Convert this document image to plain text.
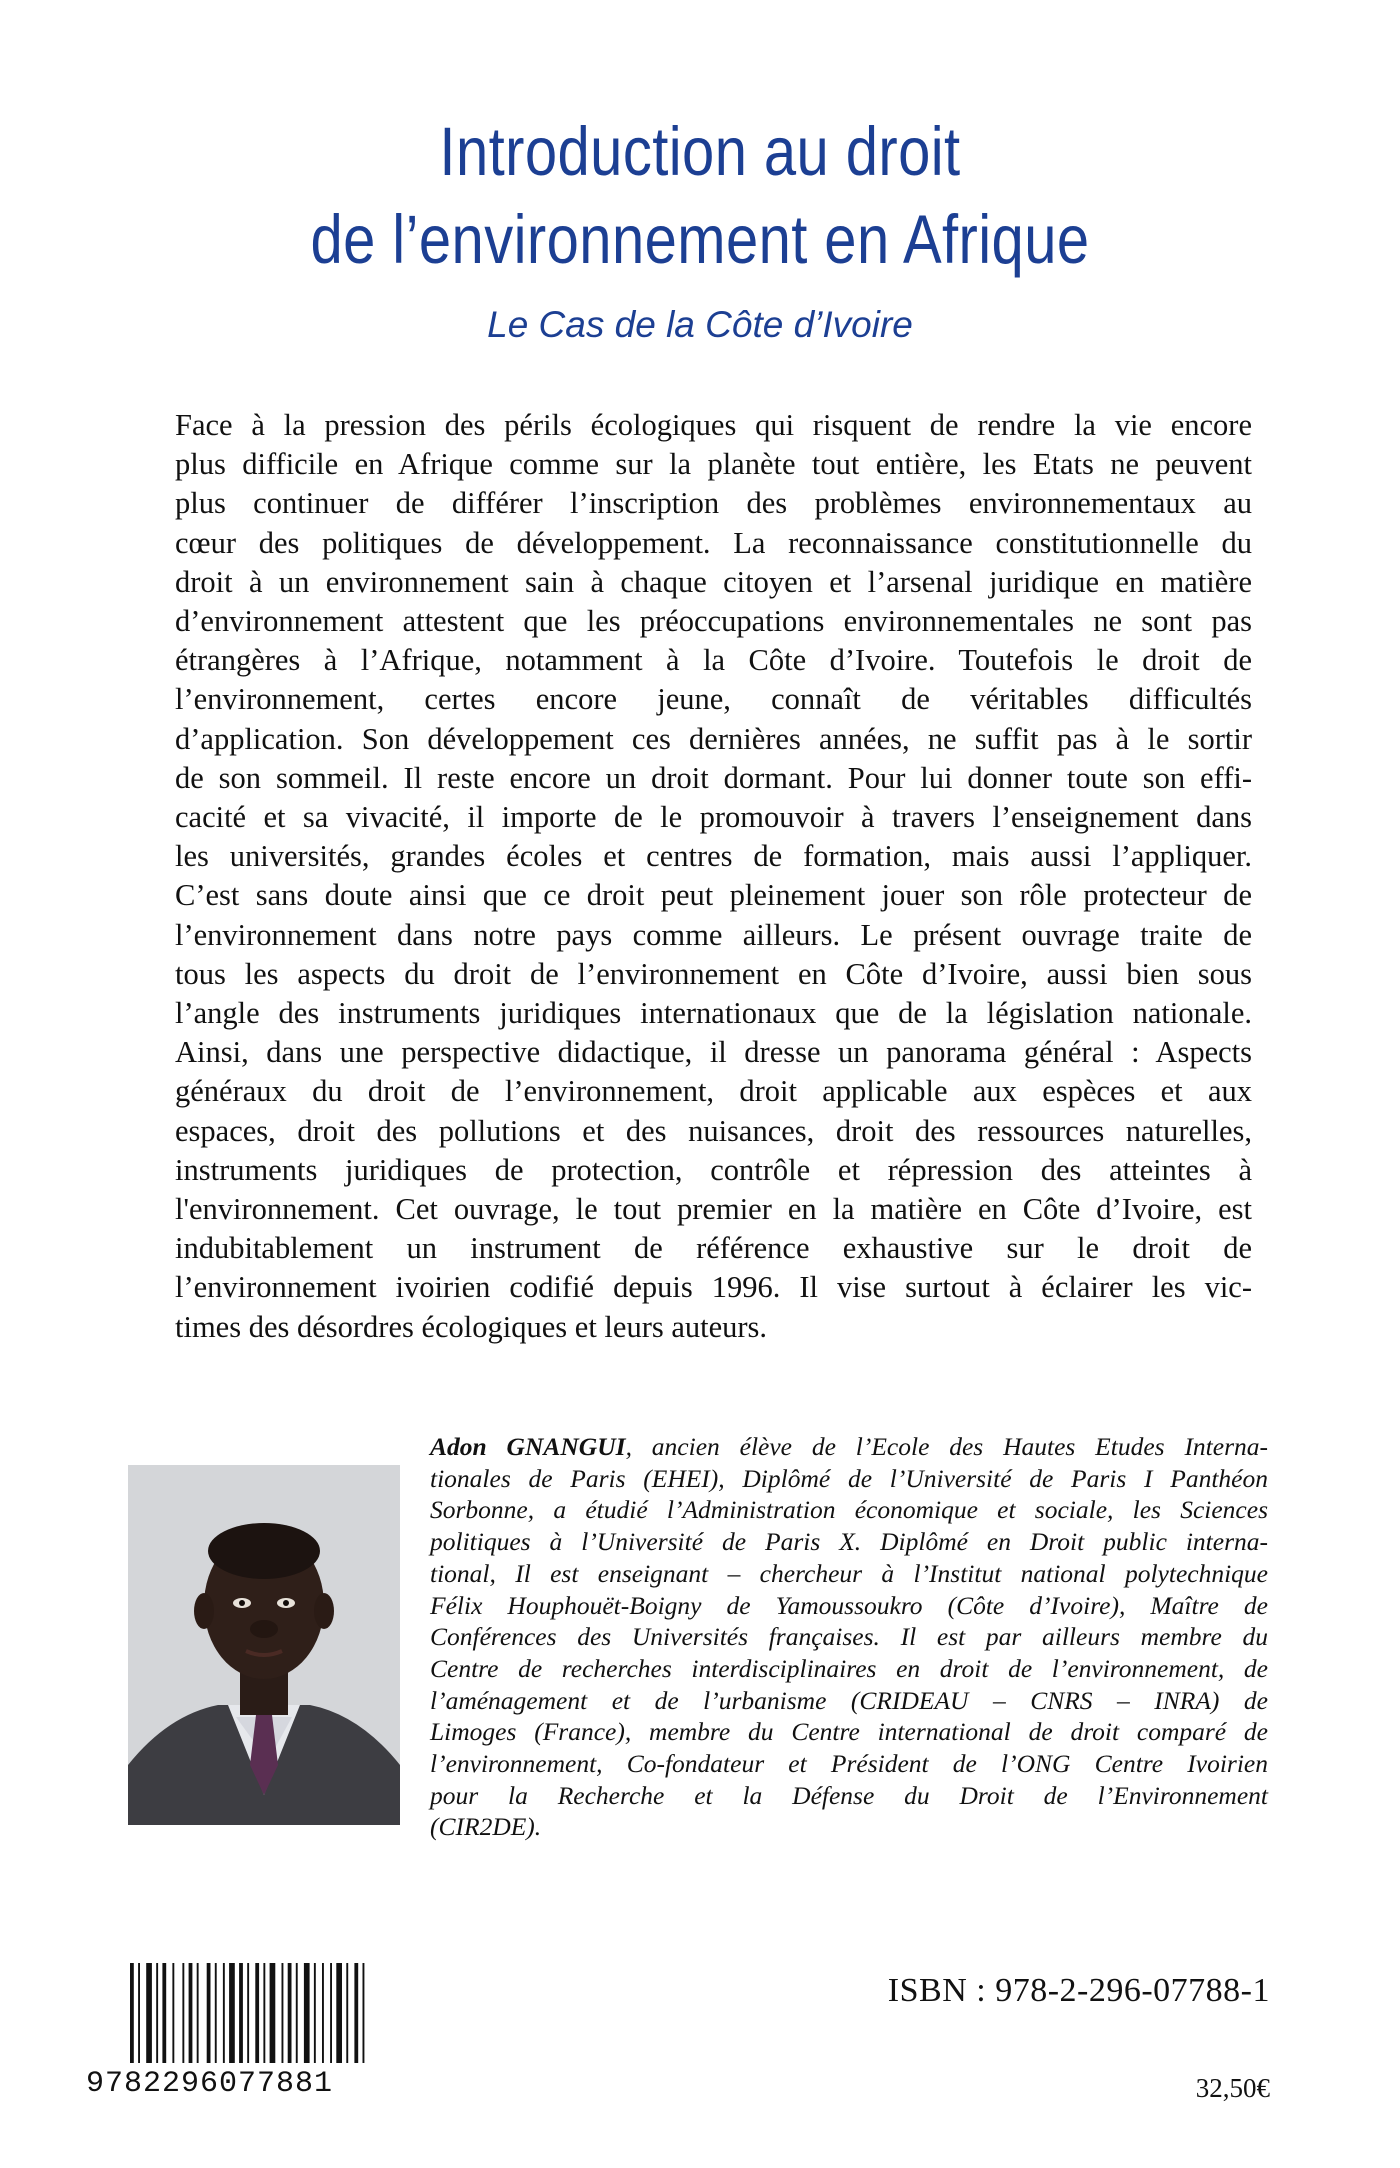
Introduction au droit
de l’environnement en Afrique

Le Cas de la Côte d’Ivoire

Face à la pression des périls écologiques qui risquent de rendre la vie encore
plus difficile en Afrique comme sur la planète tout entière, les Etats ne peuvent
plus continuer de différer l’inscription des problèmes environnementaux au
cœur des politiques de développement. La reconnaissance constitutionnelle du
droit à un environnement sain à chaque citoyen et l’arsenal juridique en matière
d’environnement attestent que les préoccupations environnementales ne sont pas
étrangères à l’Afrique, notamment à la Côte d’Ivoire. Toutefois le droit de
l’environnement, certes encore jeune, connaît de véritables difficultés
d’application. Son développement ces dernières années, ne suffit pas à le sortir
de son sommeil. Il reste encore un droit dormant. Pour lui donner toute son effi-
cacité et sa vivacité, il importe de le promouvoir à travers l’enseignement dans
les universités, grandes écoles et centres de formation, mais aussi l’appliquer.
C’est sans doute ainsi que ce droit peut pleinement jouer son rôle protecteur de
l’environnement dans notre pays comme ailleurs. Le présent ouvrage traite de
tous les aspects du droit de l’environnement en Côte d’Ivoire, aussi bien sous
l’angle des instruments juridiques internationaux que de la législation nationale.
Ainsi, dans une perspective didactique, il dresse un panorama général : Aspects
généraux du droit de l’environnement, droit applicable aux espèces et aux
espaces, droit des pollutions et des nuisances, droit des ressources naturelles,
instruments juridiques de protection, contrôle et répression des atteintes à
l'environnement. Cet ouvrage, le tout premier en la matière en Côte d’Ivoire, est
indubitablement un instrument de référence exhaustive sur le droit de
l’environnement ivoirien codifié depuis 1996. Il vise surtout à éclairer les vic-
times des désordres écologiques et leurs auteurs.
Adon GNANGUI, ancien élève de l’Ecole des Hautes Etudes Interna-
tionales de Paris (EHEI), Diplômé de l’Université de Paris I Panthéon
Sorbonne, a étudié l’Administration économique et sociale, les Sciences
politiques à l’Université de Paris X. Diplômé en Droit public interna-
tional, Il est enseignant – chercheur à l’Institut national polytechnique
Félix Houphouët-Boigny de Yamoussoukro (Côte d’Ivoire), Maître de
Conférences des Universités françaises. Il est par ailleurs membre du
Centre de recherches interdisciplinaires en droit de l’environnement, de
l’aménagement et de l’urbanisme (CRIDEAU – CNRS – INRA) de
Limoges (France), membre du Centre international de droit comparé de
l’environnement, Co-fondateur et Président de l’ONG Centre Ivoirien
pour la Recherche et la Défense du Droit de l’Environnement
(CIR2DE).

9782296077881

ISBN : 978-2-296-07788-1

32,50€
